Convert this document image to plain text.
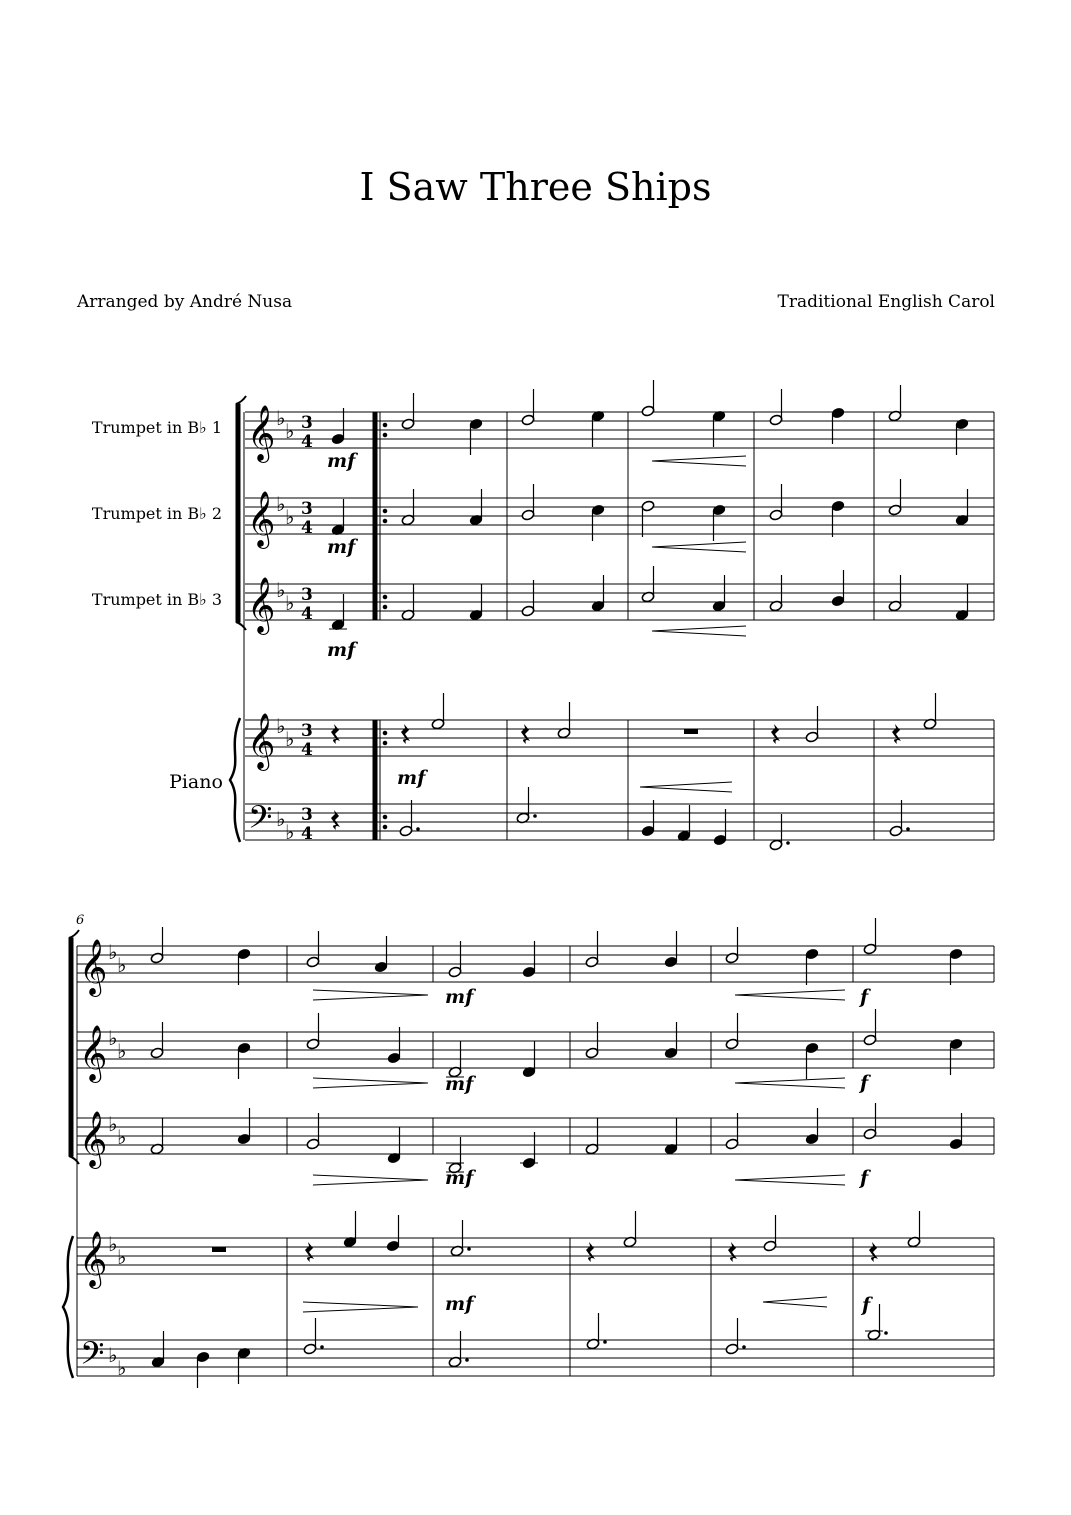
I Saw Three Ships
Arranged by André Nusa	Traditional English Carol
𝄞 ♭
♭ 3
4
𝄞 ♭
♭ 3
4
𝄞 ♭
♭ 3
4
𝄞 ♭
♭ 3
4
𝄢 ♭
♭
3
4
𝄞 ♭
♭
𝄞 ♭
♭
𝄞 ♭
♭
𝄞 ♭
♭
𝄢 ♭
♭
mf
mf
mf
mf
mf	f
mf	f
mf	f
mf	f
Trumpet in B♭ 1
Trumpet in B♭ 2
Trumpet in B♭ 3
Piano
6
